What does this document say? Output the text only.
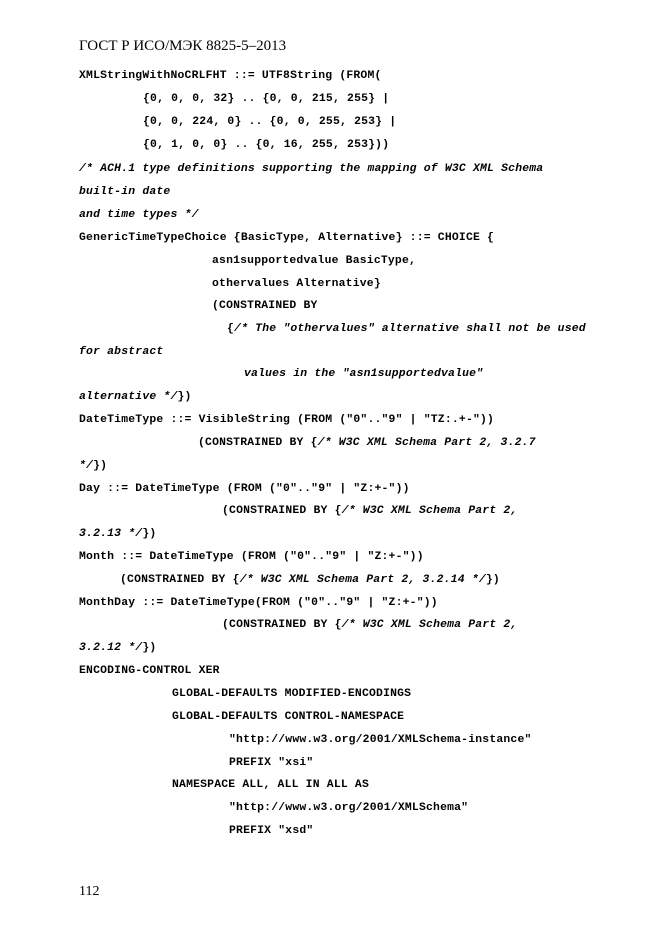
ГОСТ Р ИСО/МЭК 8825-5–2013

XMLStringWithNoCRLFHT ::= UTF8String (FROM(

{0, 0, 0, 32} .. {0, 0, 215, 255} |

{0, 0, 224, 0} .. {0, 0, 255, 253} |

{0, 1, 0, 0} .. {0, 16, 255, 253}))

/* ACH.1 type definitions supporting the mapping of W3C XML Schema

built-in date

and time types */

GenericTimeTypeChoice {BasicType, Alternative} ::= CHOICE {

asn1supportedvalue BasicType,

othervalues Alternative}

(CONSTRAINED BY

{/* The "othervalues" alternative shall not be used

for abstract

values in the "asn1supportedvalue"

alternative */})

DateTimeType ::= VisibleString (FROM ("0".."9" | "TZ:.+-"))

(CONSTRAINED BY {/* W3C XML Schema Part 2, 3.2.7

*/})

Day ::= DateTimeType (FROM ("0".."9" | "Z:+-"))

(CONSTRAINED BY {/* W3C XML Schema Part 2,

3.2.13 */})

Month ::= DateTimeType (FROM ("0".."9" | "Z:+-"))

(CONSTRAINED BY {/* W3C XML Schema Part 2, 3.2.14 */})

MonthDay ::= DateTimeType(FROM ("0".."9" | "Z:+-"))

(CONSTRAINED BY {/* W3C XML Schema Part 2,

3.2.12 */})

ENCODING-CONTROL XER

GLOBAL-DEFAULTS MODIFIED-ENCODINGS

GLOBAL-DEFAULTS CONTROL-NAMESPACE

"http://www.w3.org/2001/XMLSchema-instance"

PREFIX "xsi"

NAMESPACE ALL, ALL IN ALL AS

"http://www.w3.org/2001/XMLSchema"

PREFIX "xsd"

112
